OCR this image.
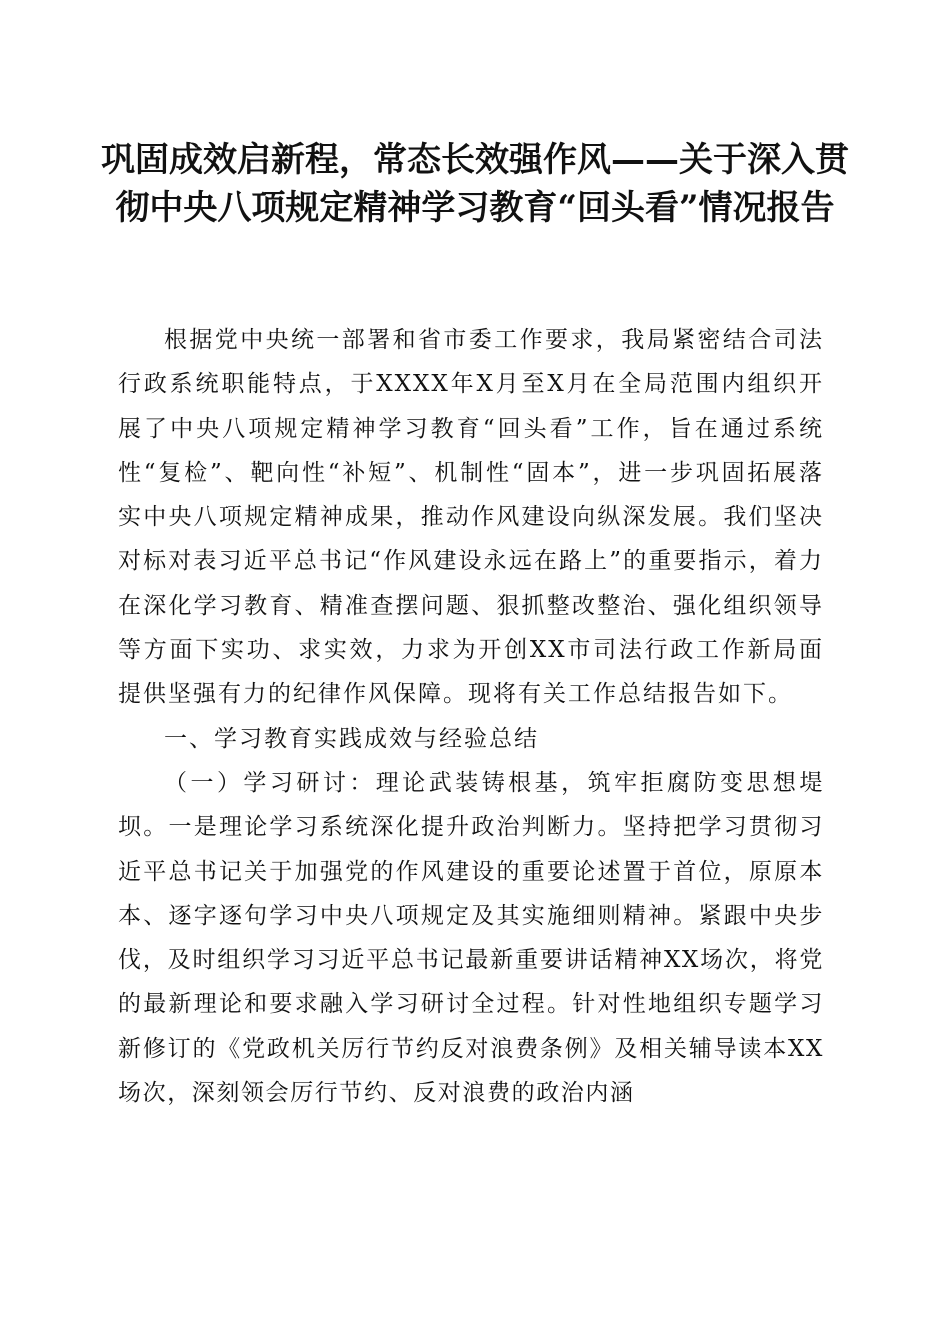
巩固成效启新程，常态长效强作风——关于深入贯彻中央八项规定精神学习教育“回头看”情况报告

根据党中央统一部署和省市委工作要求，我局紧密结合司法行政系统职能特点，于XXXX年X月至X月在全局范围内组织开展了中央八项规定精神学习教育“回头看”工作，旨在通过系统性“复检”、靶向性“补短”、机制性“固本”，进一步巩固拓展落实中央八项规定精神成果，推动作风建设向纵深发展。我们坚决对标对表习近平总书记“作风建设永远在路上”的重要指示，着力在深化学习教育、精准查摆问题、狠抓整改整治、强化组织领导等方面下实功、求实效，力求为开创XX市司法行政工作新局面提供坚强有力的纪律作风保障。现将有关工作总结报告如下。

一、学习教育实践成效与经验总结

（一）学习研讨：理论武装铸根基，筑牢拒腐防变思想堤坝。一是理论学习系统深化提升政治判断力。坚持把学习贯彻习近平总书记关于加强党的作风建设的重要论述置于首位，原原本本、逐字逐句学习中央八项规定及其实施细则精神。紧跟中央步伐，及时组织学习习近平总书记最新重要讲话精神XX场次，将党的最新理论和要求融入学习研讨全过程。针对性地组织专题学习新修订的《党政机关厉行节约反对浪费条例》及相关辅导读本XX场次，深刻领会厉行节约、反对浪费的政治内涵
